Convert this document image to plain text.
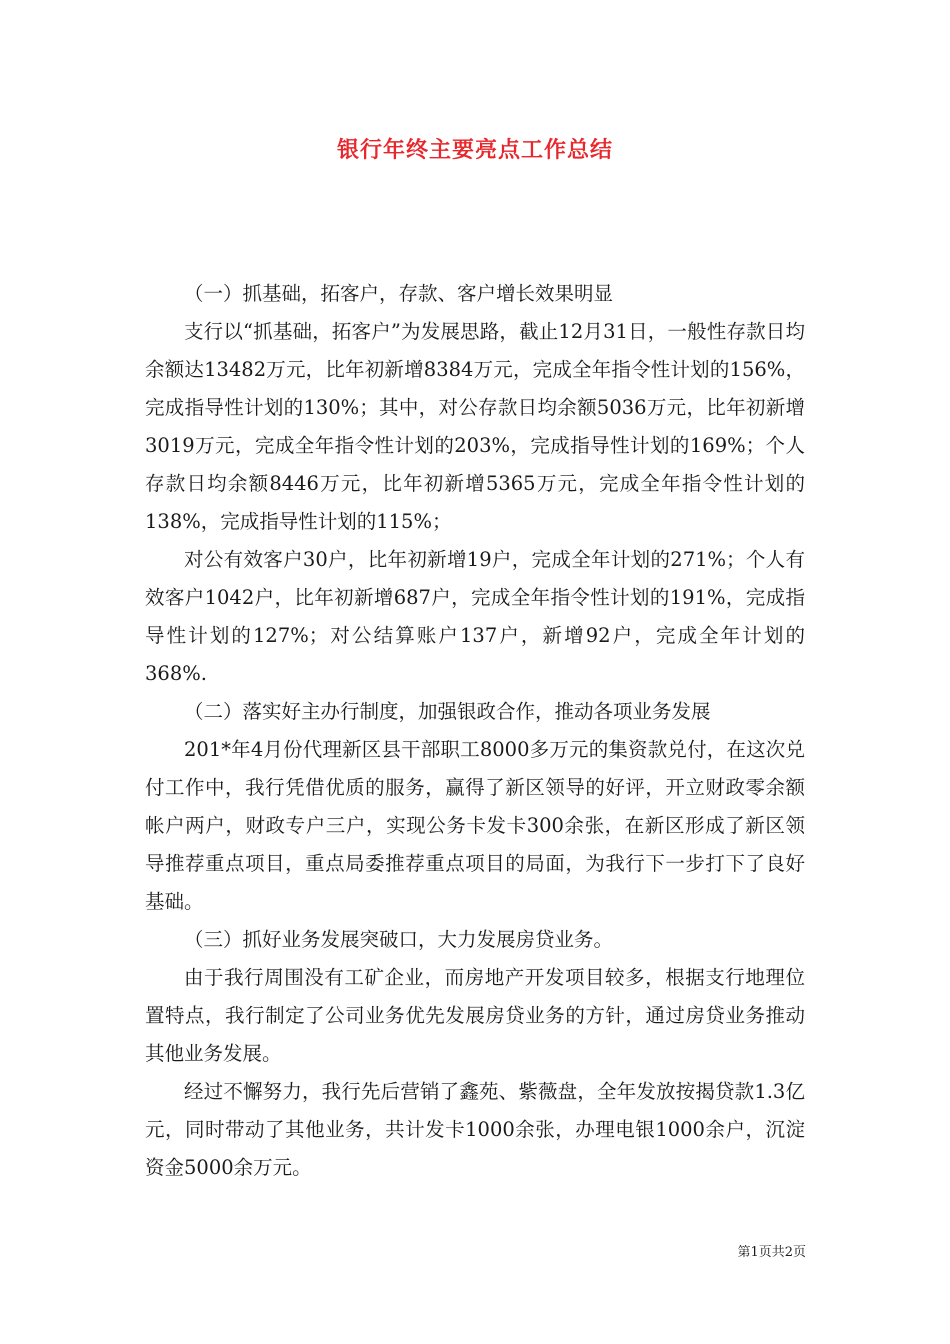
银行年终主要亮点工作总结

（一）抓基础，拓客户，存款、客户增长效果明显

支行以“抓基础，拓客户”为发展思路，截止12月31日，一般性存款日均余额达13482万元，比年初新增8384万元，完成全年指令性计划的156%，完成指导性计划的130%；其中，对公存款日均余额5036万元，比年初新增3019万元，完成全年指令性计划的203%，完成指导性计划的169%；个人存款日均余额8446万元，比年初新增5365万元，完成全年指令性计划的138%，完成指导性计划的115%；

对公有效客户30户，比年初新增19户，完成全年计划的271%；个人有效客户1042户，比年初新增687户，完成全年指令性计划的191%，完成指导性计划的127%；对公结算账户137户，新增92户，完成全年计划的368%.

（二）落实好主办行制度，加强银政合作，推动各项业务发展

201*年4月份代理新区县干部职工8000多万元的集资款兑付，在这次兑付工作中，我行凭借优质的服务，赢得了新区领导的好评，开立财政零余额帐户两户，财政专户三户，实现公务卡发卡300余张，在新区形成了新区领导推荐重点项目，重点局委推荐重点项目的局面，为我行下一步打下了良好基础。

（三）抓好业务发展突破口，大力发展房贷业务。

由于我行周围没有工矿企业，而房地产开发项目较多，根据支行地理位置特点，我行制定了公司业务优先发展房贷业务的方针，通过房贷业务推动其他业务发展。

经过不懈努力，我行先后营销了鑫苑、紫薇盘，全年发放按揭贷款1.3亿元，同时带动了其他业务，共计发卡1000余张，办理电银1000余户，沉淀资金5000余万元。

第1页共2页
